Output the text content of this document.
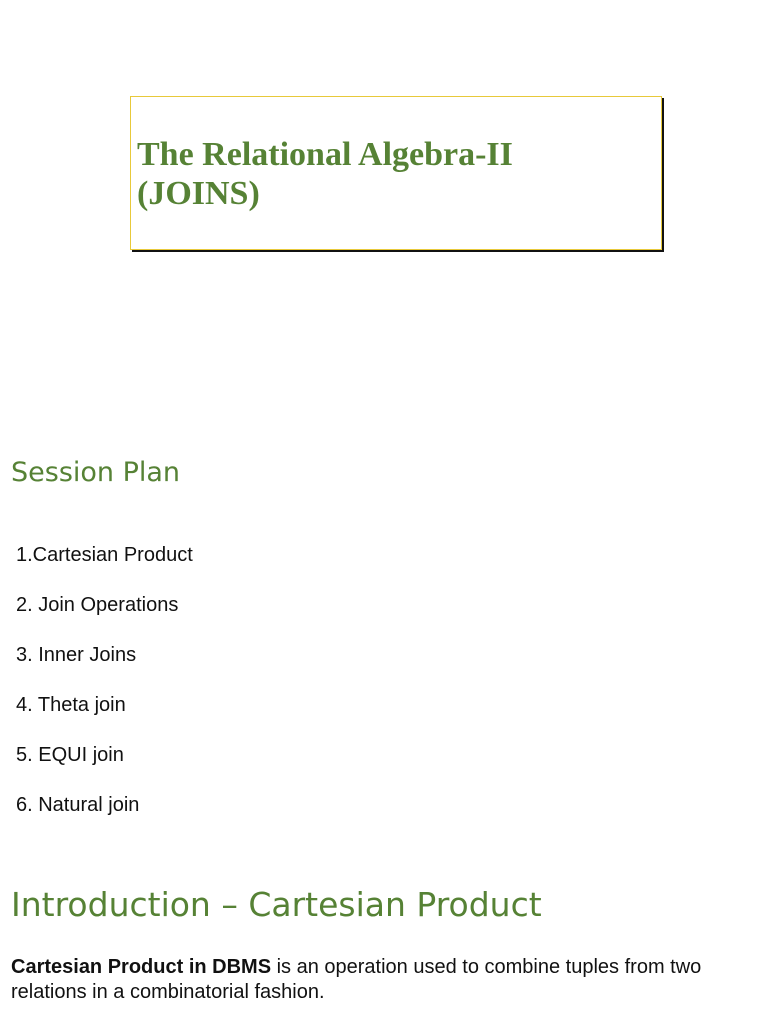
The Relational Algebra-II
(JOINS)
Session Plan
1.Cartesian Product
2. Join Operations
3. Inner Joins
4. Theta join
5. EQUI join
6. Natural join
Introduction – Cartesian Product

Cartesian Product in DBMS is an operation used to combine tuples from two relations in a combinatorial fashion.
